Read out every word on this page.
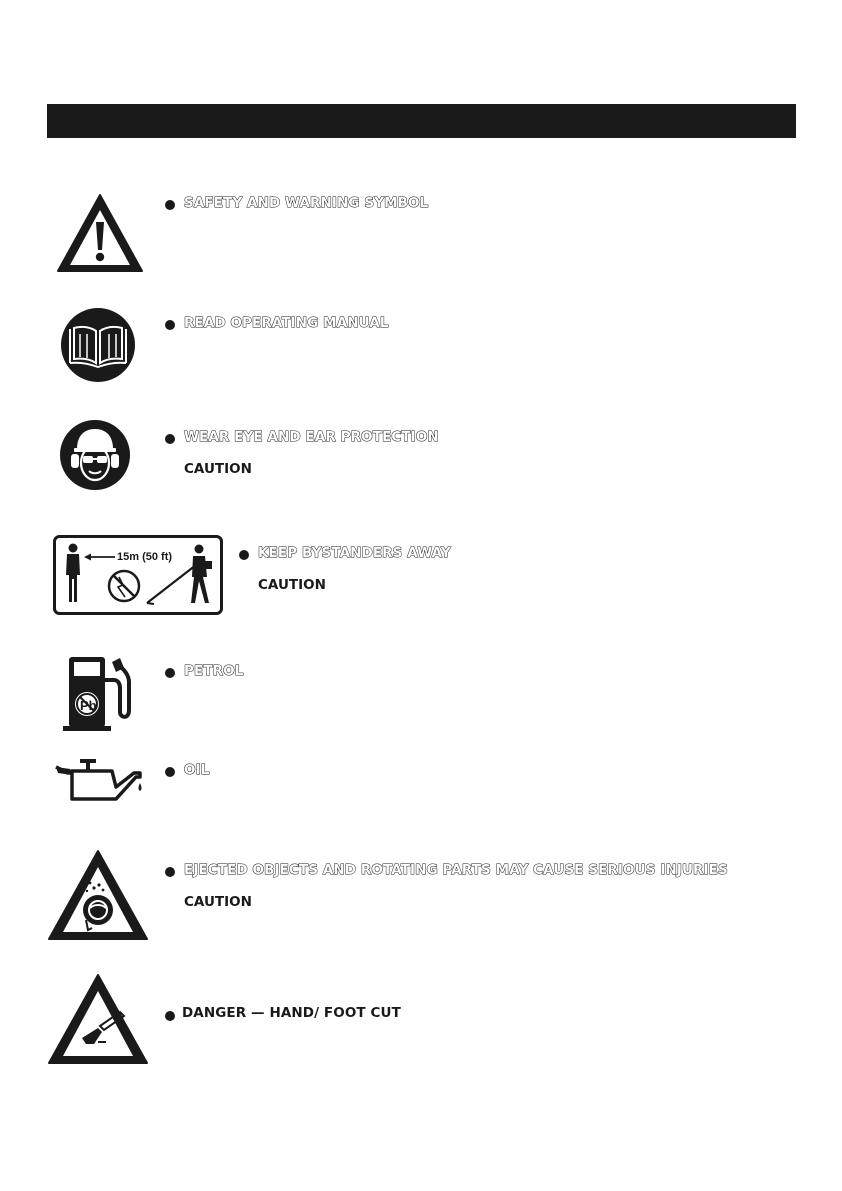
SAFETY AND WARNING SYMBOL
READ OPERATING MANUAL
WEAR EYE AND EAR PROTECTION
CAUTION
15m (50 ft)	KEEP BYSTANDERS AWAY
CAUTION
Pb
PETROL
OIL
EJECTED OBJECTS AND ROTATING PARTS MAY CAUSE SERIOUS INJURIES
CAUTION
DANGER — HAND/ FOOT CUT
